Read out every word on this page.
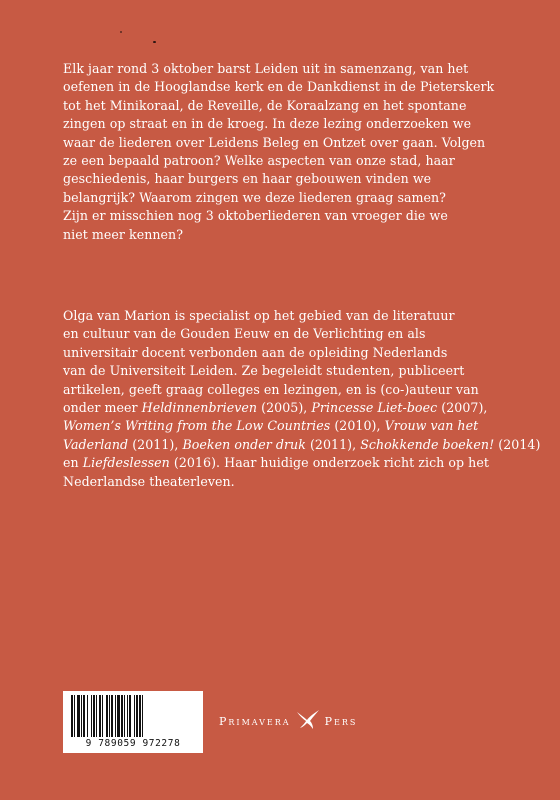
Elk jaar rond 3 oktober barst Leiden uit in samenzang, van het
oefenen in de Hooglandse kerk en de Dankdienst in de Pieterskerk
tot het Minikoraal, de Reveille, de Koraalzang en het spontane
zingen op straat en in de kroeg. In deze lezing onderzoeken we
waar de liederen over Leidens Beleg en Ontzet over gaan. Volgen
ze een bepaald patroon? Welke aspecten van onze stad, haar
geschiedenis, haar burgers en haar gebouwen vinden we
belangrijk? Waarom zingen we deze liederen graag samen?
Zijn er misschien nog 3 oktoberliederen van vroeger die we
niet meer kennen?
Olga van Marion is specialist op het gebied van de literatuur
en cultuur van de Gouden Eeuw en de Verlichting en als
universitair docent verbonden aan de opleiding Nederlands
van de Universiteit Leiden. Ze begeleidt studenten, publiceert
artikelen, geeft graag colleges en lezingen, en is (co-)auteur van
onder meer Heldinnenbrieven (2005), Princesse Liet-boec (2007),
Women’s Writing from the Low Countries (2010), Vrouw van het
Vaderland (2011), Boeken onder druk (2011), Schokkende boeken! (2014)
en Liefdeslessen (2016). Haar huidige onderzoek richt zich op het
Nederlandse theaterleven.
9 789059 972278
Primavera	Pers
